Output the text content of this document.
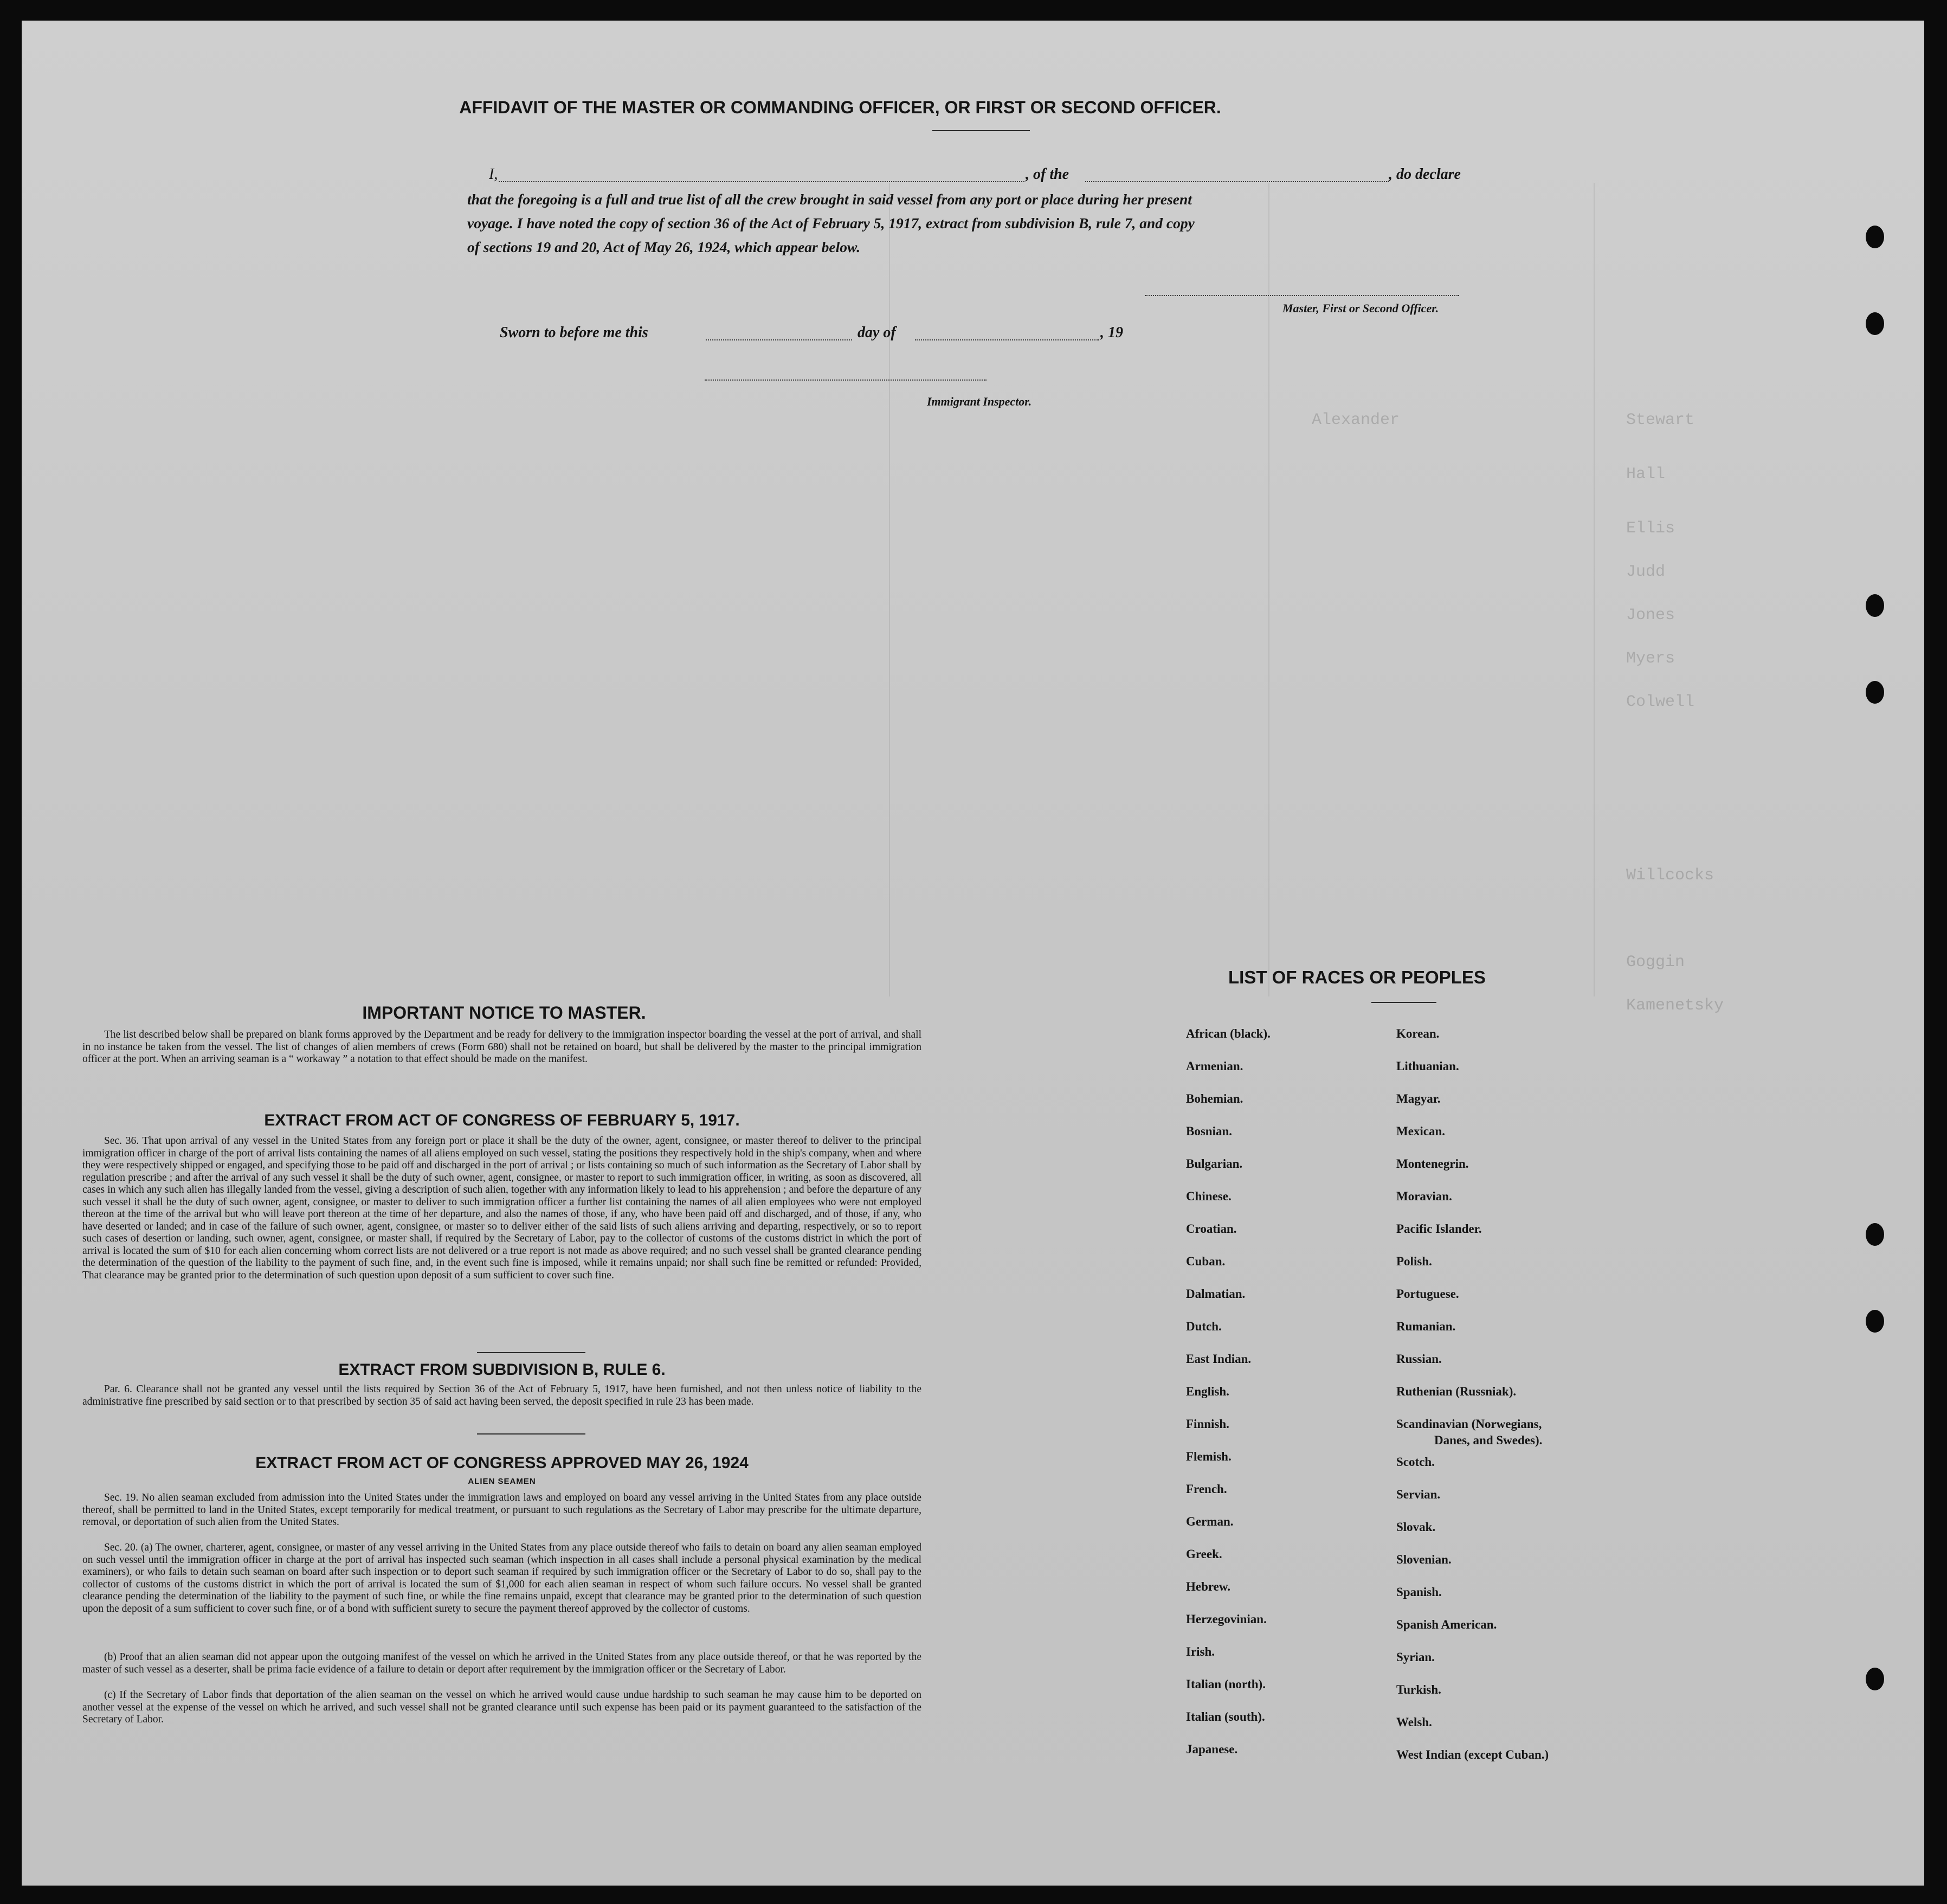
Stewart
Alexander
Hall
Ellis
Judd
Jones
Myers
Colwell
Willcocks
Goggin
Kamenetsky
AFFIDAVIT OF THE MASTER OR COMMANDING OFFICER, OR FIRST OR SECOND OFFICER.
I,	, of the	, do declare
that the foregoing is a full and true list of all the crew brought in said vessel from any port or place during her present
voyage. I have noted the copy of section 36 of the Act of February 5, 1917, extract from subdivision B, rule 7, and copy
of sections 19 and 20, Act of May 26, 1924, which appear below.
Master, First or Second Officer.
Sworn to before me this	day of	, 19
Immigrant Inspector.
IMPORTANT NOTICE TO MASTER.
The list described below shall be prepared on blank forms approved by the Department and be ready for delivery to the immigration inspector boarding the vessel at the port of arrival, and shall in no instance be taken from the vessel. The list of changes of alien members of crews (Form 680) shall not be retained on board, but shall be delivered by the master to the principal immigration officer at the port. When an arriving seaman is a “ workaway ” a notation to that effect should be made on the manifest.
EXTRACT FROM ACT OF CONGRESS OF FEBRUARY 5, 1917.
Sec. 36. That upon arrival of any vessel in the United States from any foreign port or place it shall be the duty of the owner, agent, consignee, or master thereof to deliver to the principal immigration officer in charge of the port of arrival lists containing the names of all aliens employed on such vessel, stating the positions they respectively hold in the ship's company, when and where they were respectively shipped or engaged, and specifying those to be paid off and discharged in the port of arrival ; or lists containing so much of such information as the Secretary of Labor shall by regulation prescribe ; and after the arrival of any such vessel it shall be the duty of such owner, agent, consignee, or master to report to such immigration officer, in writing, as soon as discovered, all cases in which any such alien has illegally landed from the vessel, giving a description of such alien, together with any information likely to lead to his apprehension ; and before the departure of any such vessel it shall be the duty of such owner, agent, consignee, or master to deliver to such immigration officer a further list containing the names of all alien employees who were not employed thereon at the time of the arrival but who will leave port thereon at the time of her departure, and also the names of those, if any, who have been paid off and discharged, and of those, if any, who have deserted or landed; and in case of the failure of such owner, agent, consignee, or master so to deliver either of the said lists of such aliens arriving and departing, respectively, or so to report such cases of desertion or landing, such owner, agent, consignee, or master shall, if required by the Secretary of Labor, pay to the collector of customs of the customs district in which the port of arrival is located the sum of $10 for each alien concerning whom correct lists are not delivered or a true report is not made as above required; and no such vessel shall be granted clearance pending the determination of the question of the liability to the payment of such fine, and, in the event such fine is imposed, while it remains unpaid; nor shall such fine be remitted or refunded: Provided, That clearance may be granted prior to the determination of such question upon deposit of a sum sufficient to cover such fine.
EXTRACT FROM SUBDIVISION B, RULE 6.
Par. 6. Clearance shall not be granted any vessel until the lists required by Section 36 of the Act of February 5, 1917, have been furnished, and not then unless notice of liability to the administrative fine prescribed by said section or to that prescribed by section 35 of said act having been served, the deposit specified in rule 23 has been made.
EXTRACT FROM ACT OF CONGRESS APPROVED MAY 26, 1924
ALIEN SEAMEN
Sec. 19. No alien seaman excluded from admission into the United States under the immigration laws and employed on board any vessel arriving in the United States from any place outside thereof, shall be permitted to land in the United States, except temporarily for medical treatment, or pursuant to such regulations as the Secretary of Labor may prescribe for the ultimate departure, removal, or deportation of such alien from the United States.
Sec. 20. (a) The owner, charterer, agent, consignee, or master of any vessel arriving in the United States from any place outside thereof who fails to detain on board any alien seaman employed on such vessel until the immigration officer in charge at the port of arrival has inspected such seaman (which inspection in all cases shall include a personal physical examination by the medical examiners), or who fails to detain such seaman on board after such inspection or to deport such seaman if required by such immigration officer or the Secretary of Labor to do so, shall pay to the collector of customs of the customs district in which the port of arrival is located the sum of $1,000 for each alien seaman in respect of whom such failure occurs. No vessel shall be granted clearance pending the determination of the liability to the payment of such fine, or while the fine remains unpaid, except that clearance may be granted prior to the determination of such question upon the deposit of a sum sufficient to cover such fine, or of a bond with sufficient surety to secure the payment thereof approved by the collector of customs.
(b) Proof that an alien seaman did not appear upon the outgoing manifest of the vessel on which he arrived in the United States from any place outside thereof, or that he was reported by the master of such vessel as a deserter, shall be prima facie evidence of a failure to detain or deport after requirement by the immigration officer or the Secretary of Labor.
(c) If the Secretary of Labor finds that deportation of the alien seaman on the vessel on which he arrived would cause undue hardship to such seaman he may cause him to be deported on another vessel at the expense of the vessel on which he arrived, and such vessel shall not be granted clearance until such expense has been paid or its payment guaranteed to the satisfaction of the Secretary of Labor.
LIST OF RACES OR PEOPLES
African (black).
Armenian.
Bohemian.
Bosnian.
Bulgarian.
Chinese.
Croatian.
Cuban.
Dalmatian.
Dutch.
East Indian.
English.
Finnish.
Flemish.
French.
German.
Greek.
Hebrew.
Herzegovinian.
Irish.
Italian (north).
Italian (south).
Japanese.
Korean.
Lithuanian.
Magyar.
Mexican.
Montenegrin.
Moravian.
Pacific Islander.
Polish.
Portuguese.
Rumanian.
Russian.
Ruthenian (Russniak).
Scandinavian (Norwegians,
Danes, and Swedes).
Scotch.
Servian.
Slovak.
Slovenian.
Spanish.
Spanish American.
Syrian.
Turkish.
Welsh.
West Indian (except Cuban.)
